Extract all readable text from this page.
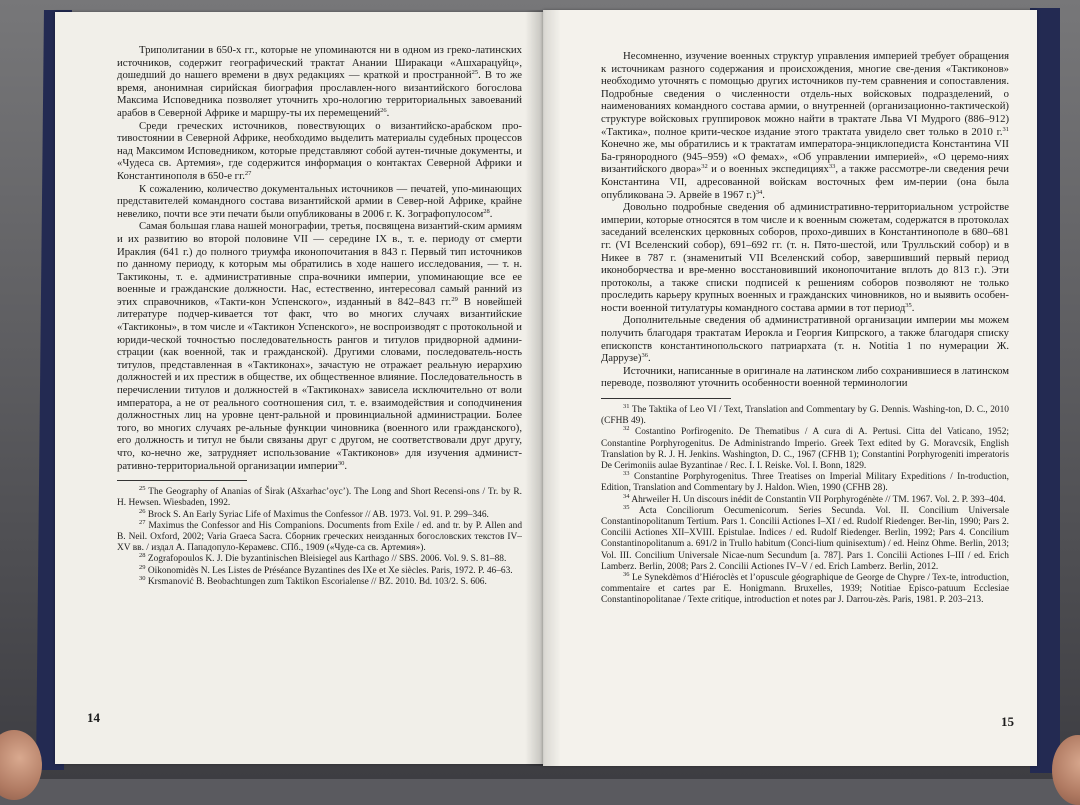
Триполитании в 650-х гг., которые не упоминаются ни в одном из греко-латинских источников, содержит географический трактат Анании Ширакаци «Ашхарацуйц», дошедший до нашего времени в двух редакциях — краткой и пространной$^{25}$. В то же время, анонимная сирийская биография прославлен-ного византийского богослова Максима Исповедника позволяет уточнить хро-нологию территориальных завоеваний арабов в Северной Африке и маршру-ты их перемещений$^{26}$.

Среди греческих источников, повествующих о византийско-арабском про-тивостоянии в Северной Африке, необходимо выделить материалы судебных процессов над Максимом Исповедником, которые представляют собой аутен-тичные документы, и «Чудеса св. Артемия», где содержится информация о контактах Северной Африки и Константинополя в 650-е гг.$^{27}$

К сожалению, количество документальных источников — печатей, упо-минающих представителей командного состава византийской армии в Север-ной Африке, крайне невелико, почти все эти печати были опубликованы в 2006 г. К. Зографопулосом$^{28}$.

Самая большая глава нашей монографии, третья, посвящена византий-ским армиям и их развитию во второй половине VII — середине IX в., т. е. периоду от смерти Ираклия (641 г.) до полного триумфа иконопочитания в 843 г. Первый тип источников по данному периоду, к которым мы обратились в ходе нашего исследования, — т. н. Тактиконы, т. е. административные спра-вочники империи, упоминающие все ее военные и гражданские должности. Нас, естественно, интересовал самый ранний из этих справочников, «Такти-кон Успенского», изданный в 842–843 гг.$^{29}$ В новейшей литературе подчер-кивается тот факт, что во многих случаях византийские «Тактиконы», в том числе и «Тактикон Успенского», не воспроизводят с протокольной и юриди-ческой точностью последовательность рангов и титулов придворной админи-страции (как военной, так и гражданской). Другими словами, последователь-ность титулов, представленная в «Тактиконах», зачастую не отражает реальную иерархию должностей и их престиж в обществе, их общественное влияние. Последовательность в перечислении титулов и должностей в «Тактиконах» зависела исключительно от воли императора, а не от реального соотношения сил, т. е. взаимодействия и соподчинения должностных лиц на уровне цент-ральной и провинциальной администрации. Более того, во многих случаях ре-альные функции чиновника (военного или гражданского), его должность и титул не были связаны друг с другом, не соответствовали друг другу, что, ко-нечно же, затрудняет использование «Тактиконов» для изучения админист-ративно-территориальной организации империи$^{30}$.

$^{25}$ The Geography of Ananias of Širak (Ašxarhac’oyc’). The Long and Short Recensi-ons / Tr. by R. H. Hewsen. Wiesbaden, 1992.

$^{26}$ Brock S. An Early Syriac Life of Maximus the Confessor // AB. 1973. Vol. 91. P. 299–346.

$^{27}$ Maximus the Confessor and His Companions. Documents from Exile / ed. and tr. by P. Allen and B. Neil. Oxford, 2002; Varia Graeca Sacra. Сборник греческих неизданных богословских текстов IV–XV вв. / издал А. Пападопуло-Керамевс. СПб., 1909 («Чуде-са св. Артемия»).

$^{28}$ Zografopoulos K. J. Die byzantinischen Bleisiegel aus Karthago // SBS. 2006. Vol. 9. S. 81–88.

$^{29}$ Oikonomidès N. Les Listes de Préséance Byzantines des IXe et Xe siècles. Paris, 1972. P. 46–63.

$^{30}$ Krsmanović B. Beobachtungen zum Taktikon Escorialense // BZ. 2010. Bd. 103/2. S. 606.

14

Несомненно, изучение военных структур управления империей требует обращения к источникам разного содержания и происхождения, многие све-дения «Тактиконов» необходимо уточнять с помощью других источников пу-тем сравнения и сопоставления. Подробные сведения о численности отдель-ных войсковых подразделений, о наименованиях командного состава армии, о внутренней (организационно-тактической) структуре войсковых группировок можно найти в трактате Льва VI Мудрого (886–912) «Тактика», полное крити-ческое издание этого трактата увидело свет только в 2010 г.$^{31}$ Конечно же, мы обратились и к трактатам императора-энциклопедиста Константина VII Ба-грянородного (945–959) «О фемах», «Об управлении империей», «О церемо-ниях византийского двора»$^{32}$ и о военных экспедициях$^{33}$, а также рассмотре-ли сведения речи Константина VII, адресованной войскам восточных фем им-перии (она была опубликована Э. Арвейе в 1967 г.)$^{34}$.

Довольно подробные сведения об административно-территориальном устройстве империи, которые относятся в том числе и к военным сюжетам, содержатся в протоколах заседаний вселенских церковных соборов, прохо-дивших в Константинополе в 680–681 гг. (VI Вселенский собор), 691–692 гг. (т. н. Пято-шестой, или Трулльский собор) и в Никее в 787 г. (знаменитый VII Вселенский собор, завершивший первый период иконоборчества и вре-менно восстановивший иконопочитание вплоть до 813 г.). Эти протоколы, а также списки подписей к решениям соборов позволяют не только проследить карьеру крупных военных и гражданских чиновников, но и выявить особен-ности военной титулатуры командного состава армии в тот период$^{35}$.

Дополнительные сведения об административной организации империи мы можем получить благодаря трактатам Иерокла и Георгия Кипрского, а также благодаря списку епископств константинопольского патриархата (т. н. Notitia 1 по нумерации Ж. Даррузе)$^{36}$.

Источники, написанные в оригинале на латинском либо сохранившиеся в латинском переводе, позволяют уточнить особенности военной терминологии

$^{31}$ The Taktika of Leo VI / Text, Translation and Commentary by G. Dennis. Washing-ton, D. C., 2010 (CFHB 49).

$^{32}$ Costantino Porfirogenito. De Thematibus / A cura di A. Pertusi. Citta del Vaticano, 1952; Constantine Porphyrogenitus. De Administrando Imperio. Greek Text edited by G. Moravcsik, English Translation by R. J. H. Jenkins. Washington, D. C., 1967 (CFHB 1); Constantini Porphyrogeniti imperatoris De Cerimoniis aulae Byzantinae / Rec. I. I. Reiske. Vol. I. Bonn, 1829.

$^{33}$ Constantine Porphyrogenitus. Three Treatises on Imperial Military Expeditions / In-troduction, Edition, Translation and Commentary by J. Haldon. Wien, 1990 (CFHB 28).

$^{34}$ Ahrweiler H. Un discours inédit de Constantin VII Porphyrogénète // TM. 1967. Vol. 2. P. 393–404.

$^{35}$ Acta Conciliorum Oecumenicorum. Series Secunda. Vol. II. Concilium Universale Constantinopolitanum Tertium. Pars 1. Concilii Actiones I–XI / ed. Rudolf Riedenger. Ber-lin, 1990; Pars 2. Concilii Actiones XII–XVIII. Epistulae. Indices / ed. Rudolf Riedenger. Berlin, 1992; Pars 4. Concilium Constantinopolitanum a. 691/2 in Trullo habitum (Conci-lium quinisextum) / ed. Heinz Ohme. Berlin, 2013; Vol. III. Concilium Universale Nicae-num Secundum [a. 787]. Pars 1. Concilii Actiones I–III / ed. Erich Lamberz. Berlin, 2008; Pars 2. Concilii Actiones IV–V / ed. Erich Lamberz. Berlin, 2012.

$^{36}$ Le Synekdèmos d’Hiéroclès et l’opuscule géographique de George de Chypre / Tex-te, introduction, commentaire et cartes par E. Honigmann. Bruxelles, 1939; Notitiae Episco-patuum Ecclesiae Constantinopolitanae / Texte critique, introduction et notes par J. Darrou-zès. Paris, 1981. P. 203–213.

15
